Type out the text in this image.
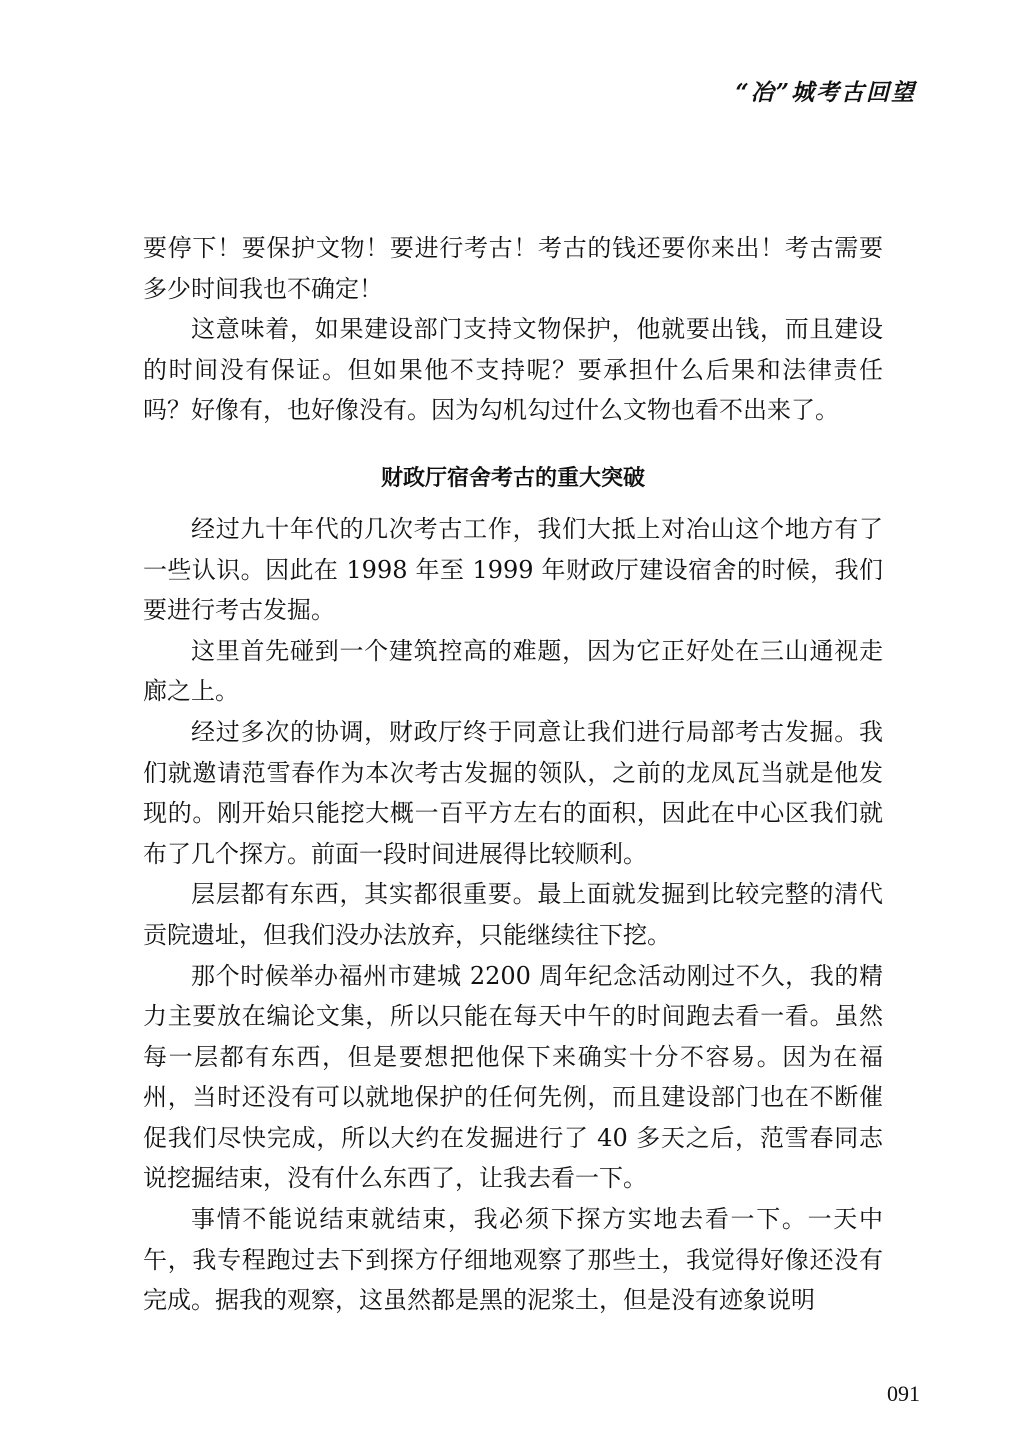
“冶”城考古回望

要停下！要保护文物！要进行考古！考古的钱还要你来出！考古需要多少时间我也不确定！

这意味着，如果建设部门支持文物保护，他就要出钱，而且建设的时间没有保证。但如果他不支持呢？要承担什么后果和法律责任吗？好像有，也好像没有。因为勾机勾过什么文物也看不出来了。

财政厅宿舍考古的重大突破

经过九十年代的几次考古工作，我们大抵上对冶山这个地方有了一些认识。因此在 1998 年至 1999 年财政厅建设宿舍的时候，我们要进行考古发掘。

这里首先碰到一个建筑控高的难题，因为它正好处在三山通视走廊之上。

经过多次的协调，财政厅终于同意让我们进行局部考古发掘。我们就邀请范雪春作为本次考古发掘的领队，之前的龙凤瓦当就是他发现的。刚开始只能挖大概一百平方左右的面积，因此在中心区我们就布了几个探方。前面一段时间进展得比较顺利。

层层都有东西，其实都很重要。最上面就发掘到比较完整的清代贡院遗址，但我们没办法放弃，只能继续往下挖。

那个时候举办福州市建城 2200 周年纪念活动刚过不久，我的精力主要放在编论文集，所以只能在每天中午的时间跑去看一看。虽然每一层都有东西，但是要想把他保下来确实十分不容易。因为在福州，当时还没有可以就地保护的任何先例，而且建设部门也在不断催促我们尽快完成，所以大约在发掘进行了 40 多天之后，范雪春同志说挖掘结束，没有什么东西了，让我去看一下。

事情不能说结束就结束，我必须下探方实地去看一下。一天中午，我专程跑过去下到探方仔细地观察了那些土，我觉得好像还没有完成。据我的观察，这虽然都是黑的泥浆土，但是没有迹象说明

091
